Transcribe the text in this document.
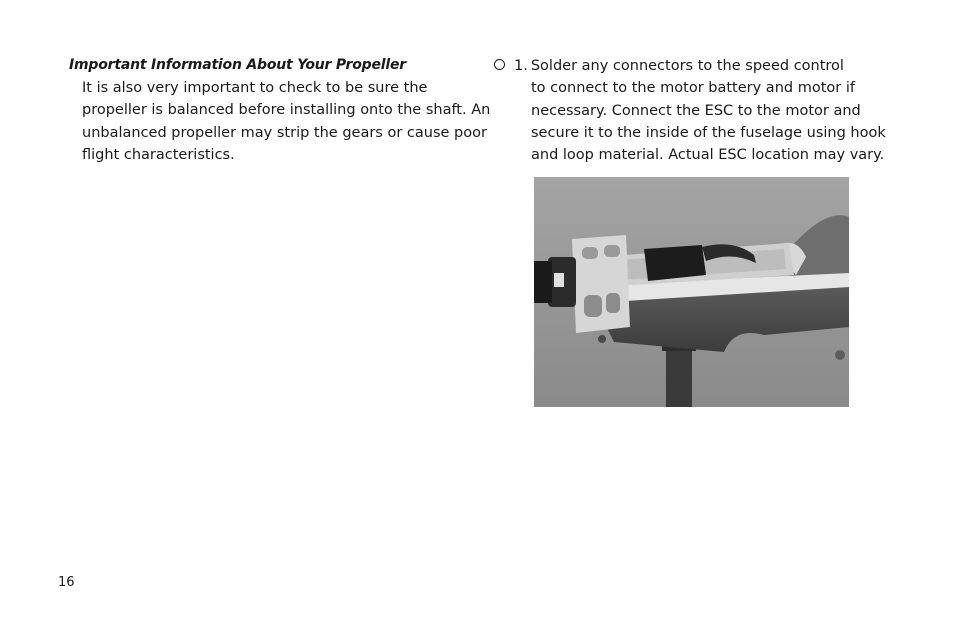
Important Information About Your Propeller

It is also very important to check to be sure the
propeller is balanced before installing onto the shaft. An
unbalanced propeller may strip the gears or cause poor
flight characteristics.
1. Solder any connectors to the speed control
to connect to the motor battery and motor if
necessary. Connect the ESC to the motor and
secure it to the inside of the fuselage using hook
and loop material. Actual ESC location may vary.
16
